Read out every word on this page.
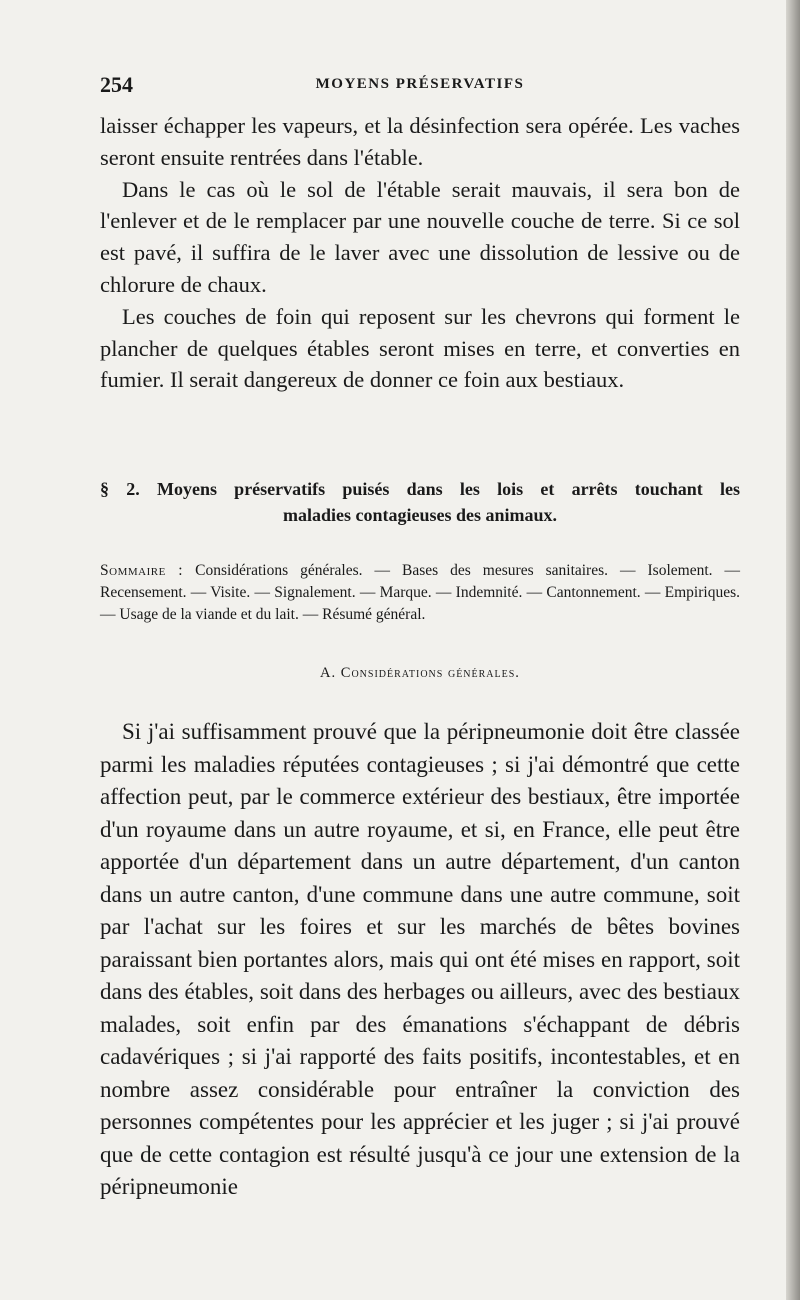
254	MOYENS PRÉSERVATIFS

laisser échapper les vapeurs, et la désinfection sera opérée. Les vaches seront ensuite rentrées dans l'étable.

Dans le cas où le sol de l'étable serait mauvais, il sera bon de l'enlever et de le remplacer par une nouvelle couche de terre. Si ce sol est pavé, il suffira de le laver avec une dissolution de lessive ou de chlorure de chaux.

Les couches de foin qui reposent sur les chevrons qui forment le plancher de quelques étables seront mises en terre, et converties en fumier. Il serait dangereux de donner ce foin aux bestiaux.

§ 2. Moyens préservatifs puisés dans les lois et arrêts touchant les
maladies contagieuses des animaux.
Sommaire : Considérations générales. — Bases des mesures sanitaires. — Isolement. — Recensement. — Visite. — Signalement. — Marque. — Indemnité. — Cantonnement. — Empiriques. — Usage de la viande et du lait. — Résumé général.
A. Considérations générales.

Si j'ai suffisamment prouvé que la péripneumonie doit être classée parmi les maladies réputées contagieuses ; si j'ai démontré que cette affection peut, par le commerce extérieur des bestiaux, être importée d'un royaume dans un autre royaume, et si, en France, elle peut être apportée d'un département dans un autre département, d'un canton dans un autre canton, d'une commune dans une autre commune, soit par l'achat sur les foires et sur les marchés de bêtes bovines paraissant bien portantes alors, mais qui ont été mises en rapport, soit dans des étables, soit dans des herbages ou ailleurs, avec des bestiaux malades, soit enfin par des émanations s'échappant de débris cadavériques ; si j'ai rapporté des faits positifs, incontestables, et en nombre assez considérable pour entraîner la conviction des personnes compétentes pour les apprécier et les juger ; si j'ai prouvé que de cette contagion est résulté jusqu'à ce jour une extension de la péripneumonie
